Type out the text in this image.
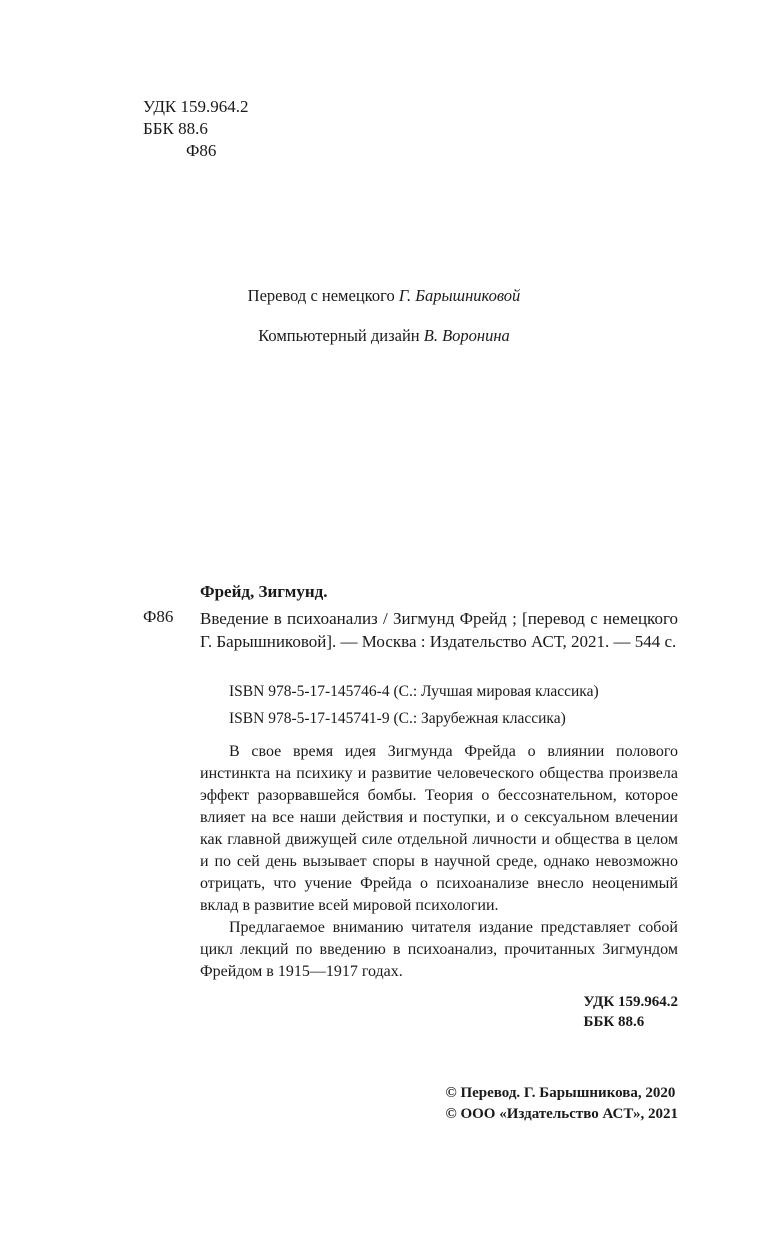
УДК 159.964.2
ББК 88.6
Ф86
Перевод с немецкого Г. Барышниковой
Компьютерный дизайн В. Воронина
Фрейд, Зигмунд.
Ф86 Введение в психоанализ / Зигмунд Фрейд ; [перевод с немецкого Г. Барышниковой]. — Москва : Издательство АСТ, 2021. — 544 с.
ISBN 978-5-17-145746-4 (С.: Лучшая мировая классика)
ISBN 978-5-17-145741-9 (С.: Зарубежная классика)

В свое время идея Зигмунда Фрейда о влиянии полового инстинкта на психику и развитие человеческого общества произвела эффект разорвавшейся бомбы. Теория о бессознательном, которое влияет на все наши действия и поступки, и о сексуальном влечении как главной движущей силе отдельной личности и общества в целом и по сей день вызывает споры в научной среде, однако невозможно отрицать, что учение Фрейда о психоанализе внесло неоценимый вклад в развитие всей мировой психологии.

Предлагаемое вниманию читателя издание представляет собой цикл лекций по введению в психоанализ, прочитанных Зигмундом Фрейдом в 1915—1917 годах.

УДК 159.964.2
ББК 88.6
© Перевод. Г. Барышникова, 2020
© ООО «Издательство АСТ», 2021
